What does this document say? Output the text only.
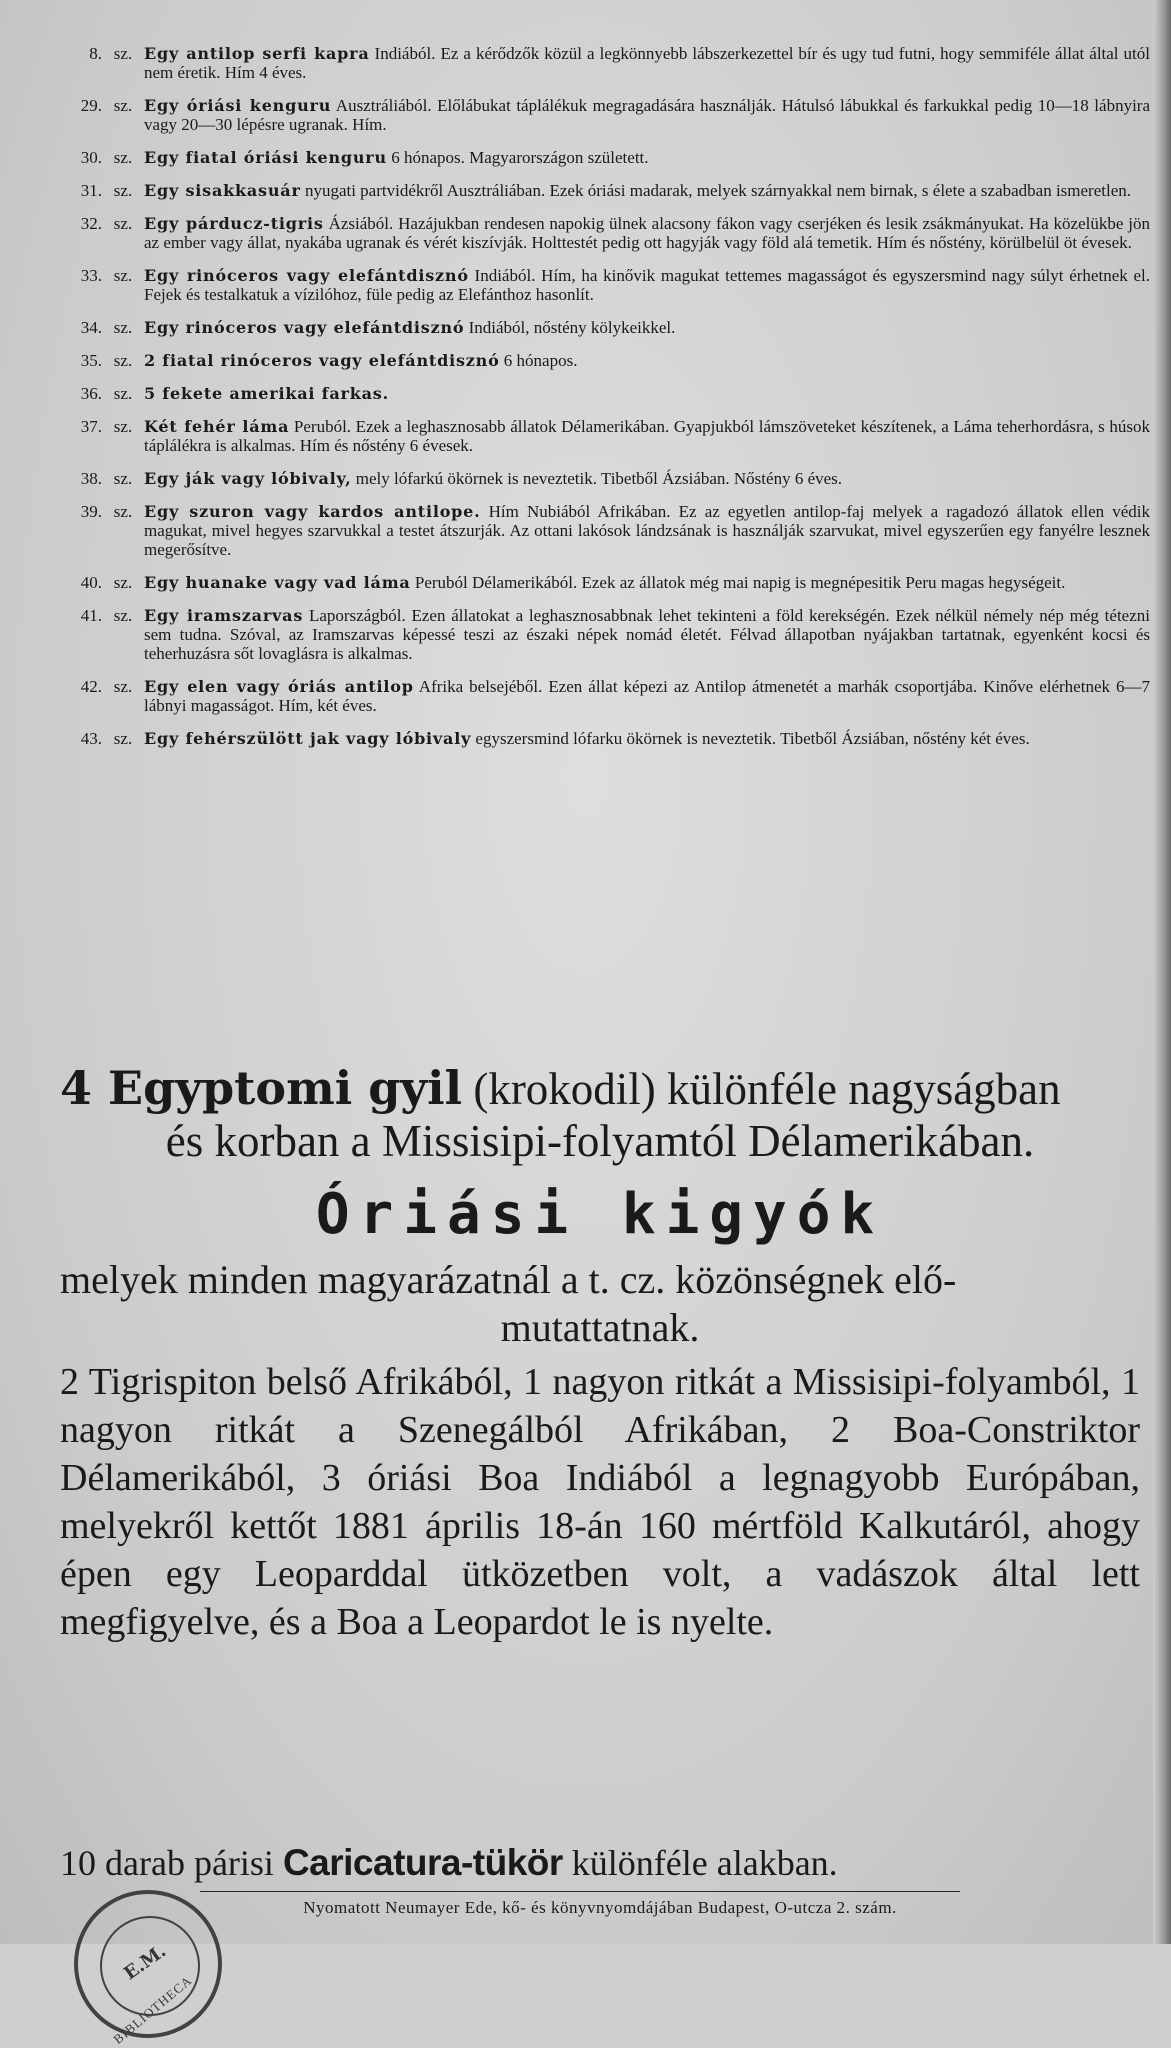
8. sz. Egy antilop serfi kapra Indiából. Ez a kérődzők közül a legkönnyebb lábszerkezettel bír és ugy tud futni, hogy semmiféle állat által utól nem éretik. Hím 4 éves.
29. sz. Egy óriási kenguru Ausztráliából. Előlábukat táplálékuk megragadására használják. Hátulsó lábukkal és farkukkal pedig 10—18 lábnyira vagy 20—30 lépésre ugranak. Hím.
30. sz. Egy fiatal óriási kenguru 6 hónapos. Magyarországon született.
31. sz. Egy sisakkasuár nyugati partvidékről Ausztráliában. Ezek óriási madarak, melyek szárnyakkal nem birnak, s élete a szabadban ismeretlen.
32. sz. Egy párducz-tigris Ázsiából. Hazájukban rendesen napokig ülnek alacsony fákon vagy cserjéken és lesik zsákmányukat. Ha közelükbe jön az ember vagy állat, nyakába ugranak és vérét kiszívják. Holttestét pedig ott hagyják vagy föld alá temetik. Hím és nőstény, körülbelül öt évesek.
33. sz. Egy rinóceros vagy elefántdisznó Indiából. Hím, ha kinővik magukat tettemes magasságot és egyszersmind nagy súlyt érhetnek el. Fejek és testalkatuk a vízilóhoz, füle pedig az Elefánthoz hasonlít.
34. sz. Egy rinóceros vagy elefántdisznó Indiából, nőstény kölykeikkel.
35. sz. 2 fiatal rinóceros vagy elefántdisznó 6 hónapos.
36. sz. 5 fekete amerikai farkas.
37. sz. Két fehér láma Peruból. Ezek a leghasznosabb állatok Délamerikában. Gyapjukból lámszöveteket készítenek, a Láma teherhordásra, s húsok táplálékra is alkalmas. Hím és nőstény 6 évesek.
38. sz. Egy ják vagy lóbivaly, mely lófarkú ökörnek is neveztetik. Tibetből Ázsiában. Nőstény 6 éves.
39. sz. Egy szuron vagy kardos antilope. Hím Nubiából Afrikában. Ez az egyetlen antilop-faj melyek a ragadozó állatok ellen védik magukat, mivel hegyes szarvukkal a testet átszurják. Az ottani lakósok lándzsának is használják szarvukat, mivel egyszerűen egy fanyélre lesznek megerősítve.
40. sz. Egy huanake vagy vad láma Peruból Délamerikából. Ezek az állatok még mai napig is megnépesitik Peru magas hegységeit.
41. sz. Egy iramszarvas Lapországból. Ezen állatokat a leghasznosabbnak lehet tekinteni a föld kerekségén. Ezek nélkül némely nép még tétezni sem tudna. Szóval, az Iramszarvas képessé teszi az északi népek nomád életét. Félvad állapotban nyájakban tartatnak, egyenként kocsi és teherhuzásra sőt lovaglásra is alkalmas.
42. sz. Egy elen vagy óriás antilop Afrika belsejéből. Ezen állat képezi az Antilop átmenetét a marhák csoportjába. Kinőve elérhetnek 6—7 lábnyi magasságot. Hím, két éves.
43. sz. Egy fehérszülött jak vagy lóbivaly egyszersmind lófarku ökörnek is neveztetik. Tibetből Ázsiában, nőstény két éves.
4 Egyptomi gyil (krokodil) különféle nagyságban
és korban a Missisipi-folyamtól Délamerikában.
Óriási kigyók
melyek minden magyarázatnál a t. cz. közönségnek elő-
mutattatnak.
2 Tigrispiton belső Afrikából, 1 nagyon ritkát a Missisipi-folyamból, 1 nagyon ritkát a Szenegálból Afrikában, 2 Boa-Constriktor Délamerikából, 3 óriási Boa Indiából a legnagyobb Európában, melyekről kettőt 1881 április 18-án 160 mértföld Kalkutáról, ahogy épen egy Leoparddal ütközetben volt, a vadászok által lett megfigyelve, és a Boa a Leopardot le is nyelte.
10 darab párisi Caricatura-tükör különféle alakban.
E.M.
BIBLIOTHECA
Nyomatott Neumayer Ede, kő- és könyvnyomdájában Budapest, O-utcza 2. szám.
